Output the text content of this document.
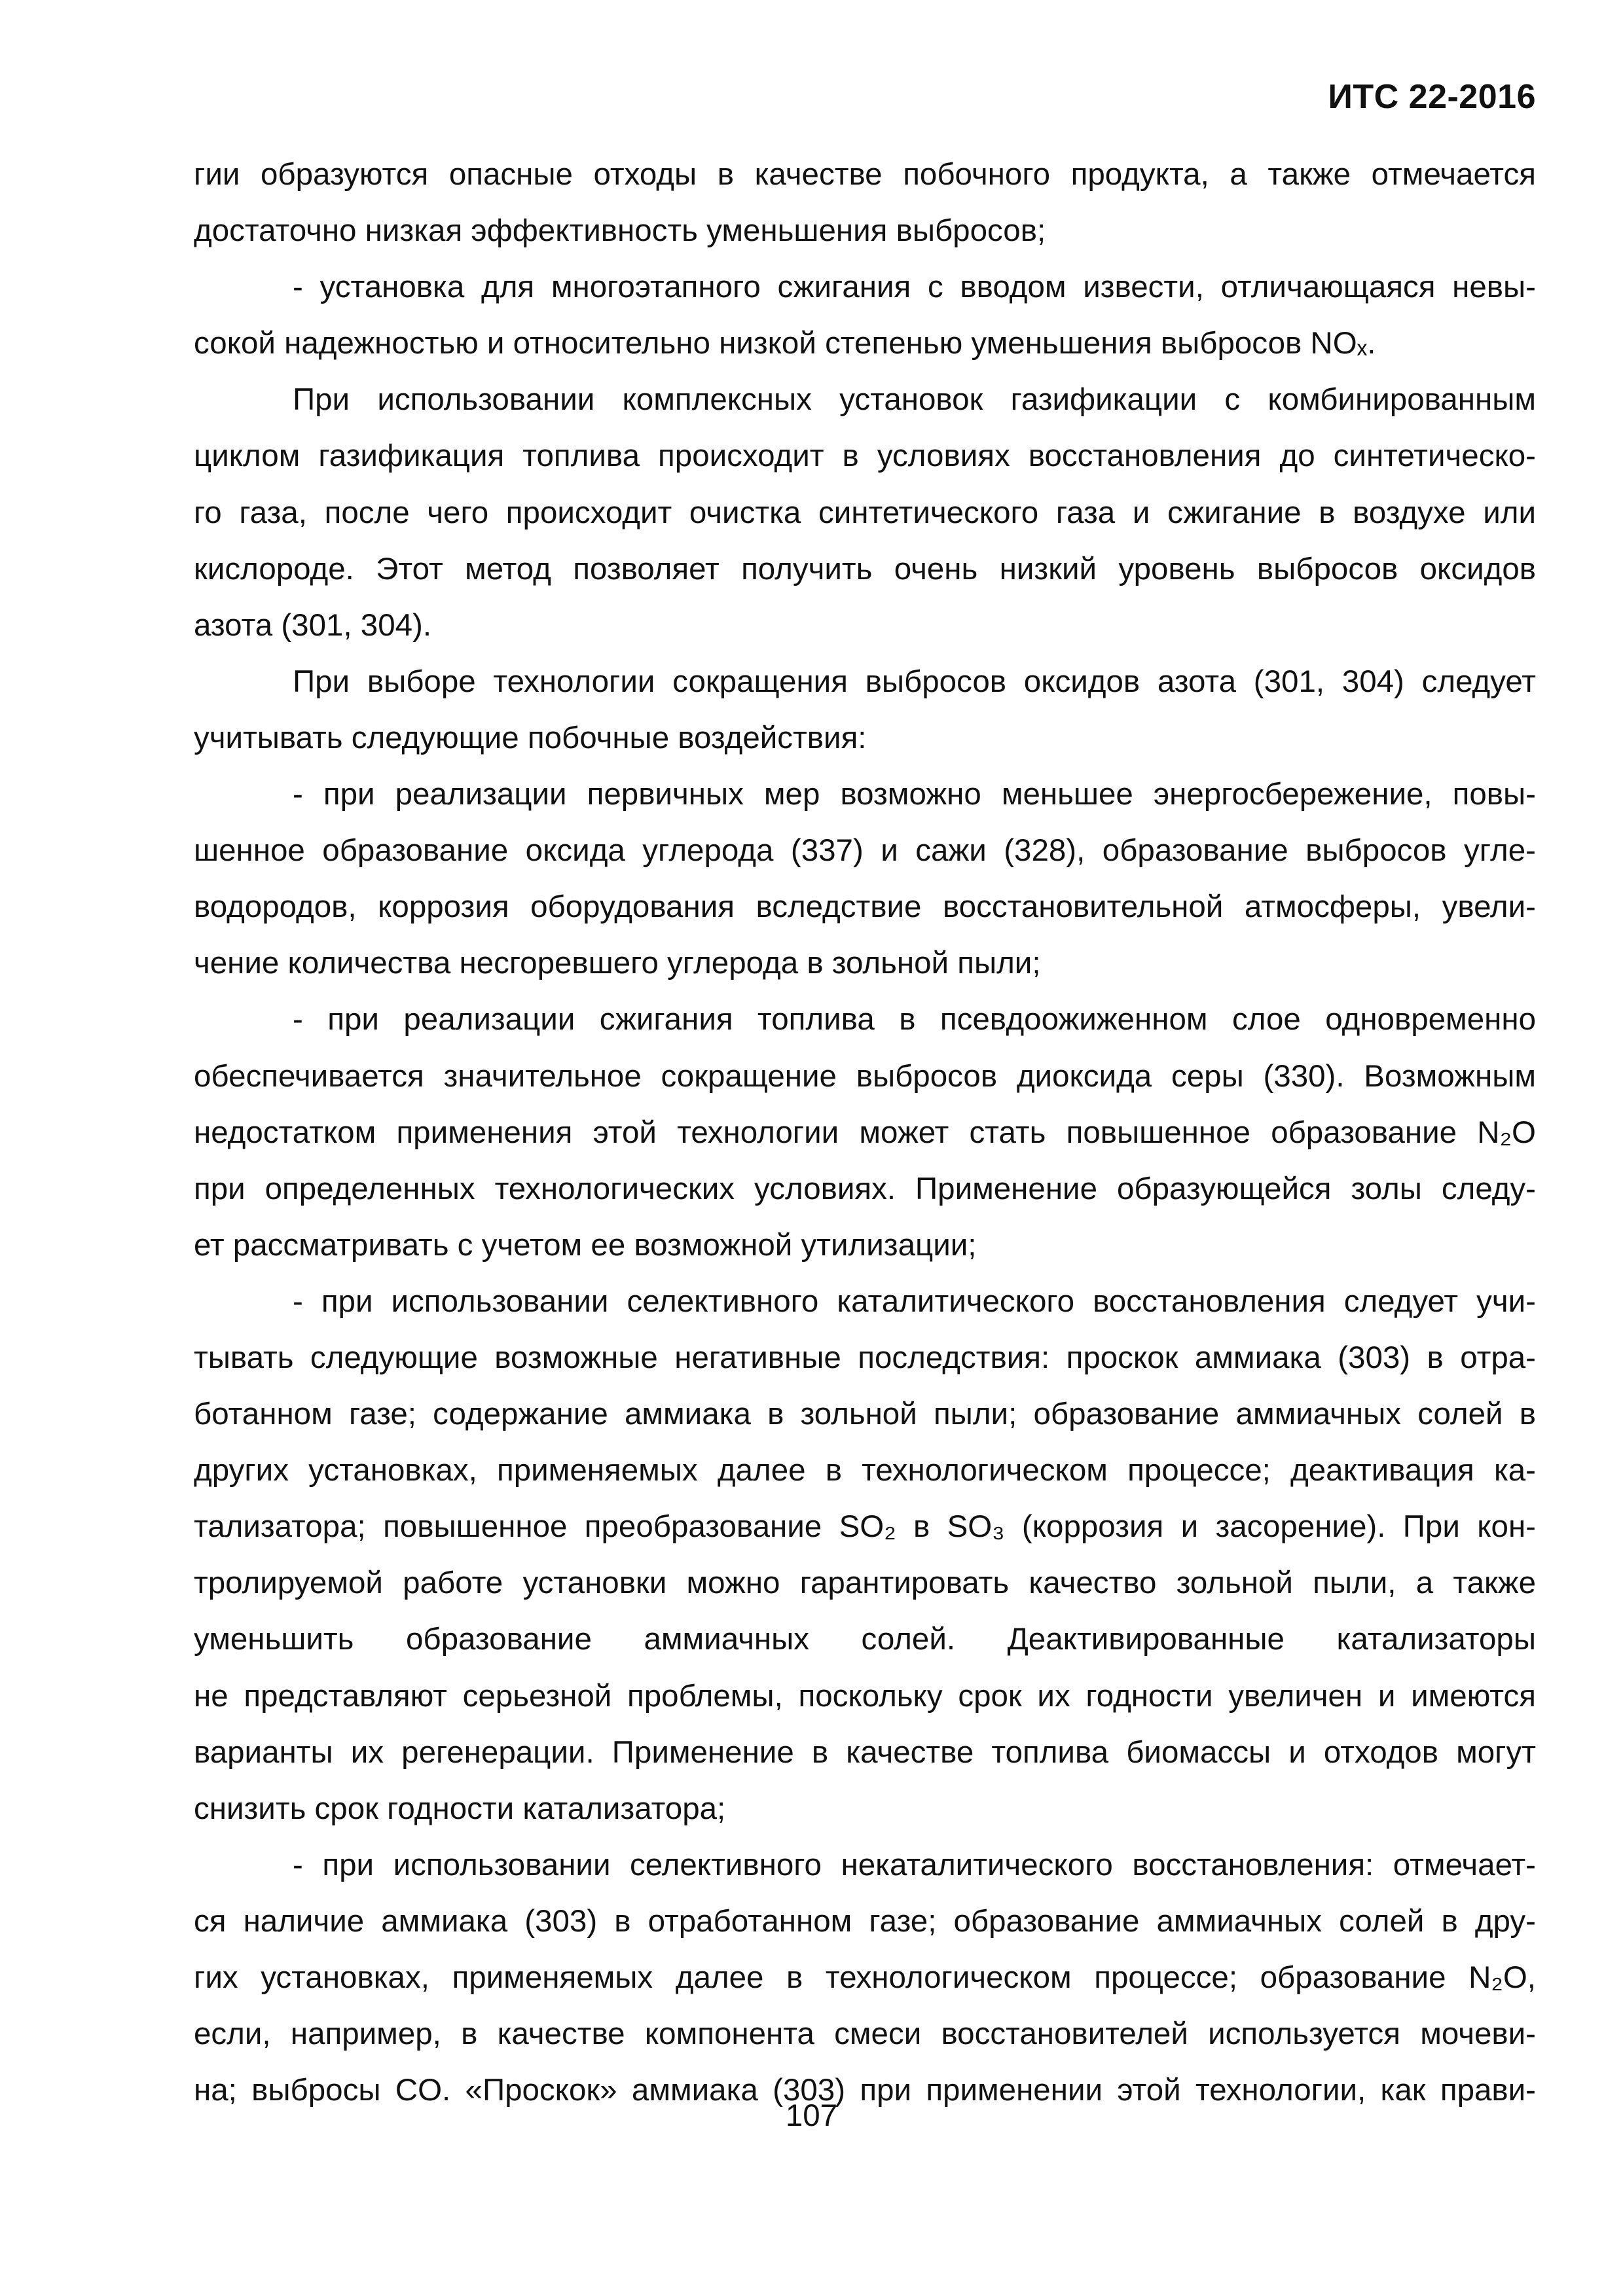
ИТС 22-2016
гии образуются опасные отходы в качестве побочного продукта, а также отмечается
достаточно низкая эффективность уменьшения выбросов;
- установка для многоэтапного сжигания с вводом извести, отличающаяся невы-
сокой надежностью и относительно низкой степенью уменьшения выбросов NOₓ.
При использовании комплексных установок газификации с комбинированным
циклом газификация топлива происходит в условиях восстановления до синтетическо-
го газа, после чего происходит очистка синтетического газа и сжигание в воздухе или
кислороде. Этот метод позволяет получить очень низкий уровень выбросов оксидов
азота (301, 304).
При выборе технологии сокращения выбросов оксидов азота (301, 304) следует
учитывать следующие побочные воздействия:
- при реализации первичных мер возможно меньшее энергосбережение, повы-
шенное образование оксида углерода (337) и сажи (328), образование выбросов угле-
водородов, коррозия оборудования вследствие восстановительной атмосферы, увели-
чение количества несгоревшего углерода в зольной пыли;
- при реализации сжигания топлива в псевдоожиженном слое одновременно
обеспечивается значительное сокращение выбросов диоксида серы (330). Возможным
недостатком применения этой технологии может стать повышенное образование N₂O
при определенных технологических условиях. Применение образующейся золы следу-
ет рассматривать с учетом ее возможной утилизации;
- при использовании селективного каталитического восстановления следует учи-
тывать следующие возможные негативные последствия: проскок аммиака (303) в отра-
ботанном газе; содержание аммиака в зольной пыли; образование аммиачных солей в
других установках, применяемых далее в технологическом процессе; деактивация ка-
тализатора; повышенное преобразование SO₂ в SO₃ (коррозия и засорение). При кон-
тролируемой работе установки можно гарантировать качество зольной пыли, а также
уменьшить образование аммиачных солей. Деактивированные катализаторы
не представляют серьезной проблемы, поскольку срок их годности увеличен и имеются
варианты их регенерации. Применение в качестве топлива биомассы и отходов могут
снизить срок годности катализатора;
- при использовании селективного некаталитического восстановления: отмечает-
ся наличие аммиака (303) в отработанном газе; образование аммиачных солей в дру-
гих установках, применяемых далее в технологическом процессе; образование N₂O,
если, например, в качестве компонента смеси восстановителей используется мочеви-
на; выбросы CO. «Проскок» аммиака (303) при применении этой технологии, как прави-
107
